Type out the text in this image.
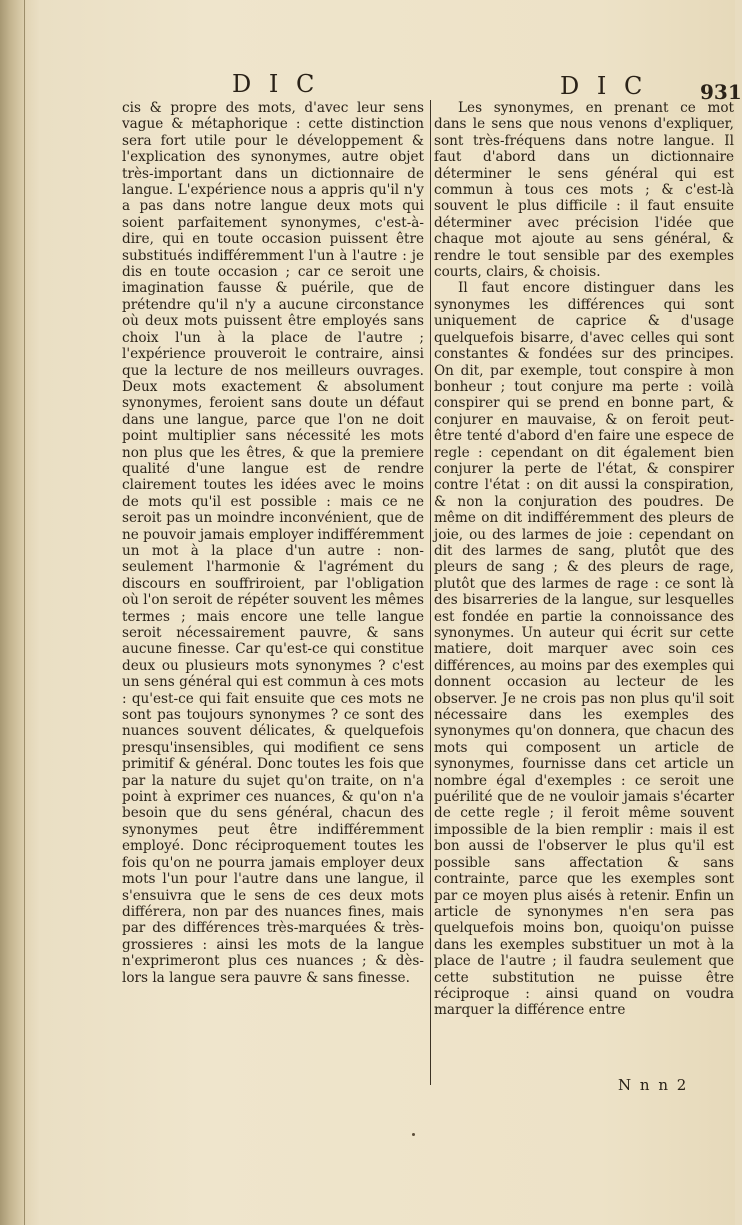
D I C	D I C	931

cis & propre des mots, d'avec leur sens vague & métaphorique : cette distinction sera fort utile pour le développement & l'explication des synonymes, autre objet très-important dans un dictionnaire de langue. L'expérience nous a appris qu'il n'y a pas dans notre langue deux mots qui soient parfaitement synonymes, c'est-à-dire, qui en toute occasion puissent être substitués indifféremment l'un à l'autre : je dis en toute occasion ; car ce seroit une imagination fausse & puérile, que de prétendre qu'il n'y a aucune circonstance où deux mots puissent être employés sans choix l'un à la place de l'autre ; l'expérience prouveroit le contraire, ainsi que la lecture de nos meilleurs ouvrages. Deux mots exactement & absolument synonymes, feroient sans doute un défaut dans une langue, parce que l'on ne doit point multiplier sans nécessité les mots non plus que les êtres, & que la premiere qualité d'une langue est de rendre clairement toutes les idées avec le moins de mots qu'il est possible : mais ce ne seroit pas un moindre inconvénient, que de ne pouvoir jamais employer indifféremment un mot à la place d'un autre : non-seulement l'harmonie & l'agrément du discours en souffriroient, par l'obligation où l'on seroit de répéter souvent les mêmes termes ; mais encore une telle langue seroit nécessairement pauvre, & sans aucune finesse. Car qu'est-ce qui constitue deux ou plusieurs mots synonymes ? c'est un sens général qui est commun à ces mots : qu'est-ce qui fait ensuite que ces mots ne sont pas toujours synonymes ? ce sont des nuances souvent délicates, & quelquefois presqu'insensibles, qui modifient ce sens primitif & général. Donc toutes les fois que par la nature du sujet qu'on traite, on n'a point à exprimer ces nuances, & qu'on n'a besoin que du sens général, chacun des synonymes peut être indifféremment employé. Donc réciproquement toutes les fois qu'on ne pourra jamais employer deux mots l'un pour l'autre dans une langue, il s'ensuivra que le sens de ces deux mots différera, non par des nuances fines, mais par des différences très-marquées & très-grossieres : ainsi les mots de la langue n'exprimeront plus ces nuances ; & dès-lors la langue sera pauvre & sans finesse.

Les synonymes, en prenant ce mot dans le sens que nous venons d'expliquer, sont très-fréquens dans notre langue. Il faut d'abord dans un dictionnaire déterminer le sens général qui est commun à tous ces mots ; & c'est-là souvent le plus difficile : il faut ensuite déterminer avec précision l'idée que chaque mot ajoute au sens général, & rendre le tout sensible par des exemples courts, clairs, & choisis.

Il faut encore distinguer dans les synonymes les différences qui sont uniquement de caprice & d'usage quelquefois bisarre, d'avec celles qui sont constantes & fondées sur des principes. On dit, par exemple, tout conspire à mon bonheur ; tout conjure ma perte : voilà conspirer qui se prend en bonne part, & conjurer en mauvaise, & on feroit peut-être tenté d'abord d'en faire une espece de regle : cependant on dit également bien conjurer la perte de l'état, & conspirer contre l'état : on dit aussi la conspiration, & non la conjuration des poudres. De même on dit indifféremment des pleurs de joie, ou des larmes de joie : cependant on dit des larmes de sang, plutôt que des pleurs de sang ; & des pleurs de rage, plutôt que des larmes de rage : ce sont là des bisarreries de la langue, sur lesquelles est fondée en partie la connoissance des synonymes. Un auteur qui écrit sur cette matiere, doit marquer avec soin ces différences, au moins par des exemples qui donnent occasion au lecteur de les observer. Je ne crois pas non plus qu'il soit nécessaire dans les exemples des synonymes qu'on donnera, que chacun des mots qui composent un article de synonymes, fournisse dans cet article un nombre égal d'exemples : ce seroit une puérilité que de ne vouloir jamais s'écarter de cette regle ; il feroit même souvent impossible de la bien remplir : mais il est bon aussi de l'observer le plus qu'il est possible sans affectation & sans contrainte, parce que les exemples sont par ce moyen plus aisés à retenir. Enfin un article de synonymes n'en sera pas quelquefois moins bon, quoiqu'on puisse dans les exemples substituer un mot à la place de l'autre ; il faudra seulement que cette substitution ne puisse être réciproque : ainsi quand on voudra marquer la différence entre

N n n 2
